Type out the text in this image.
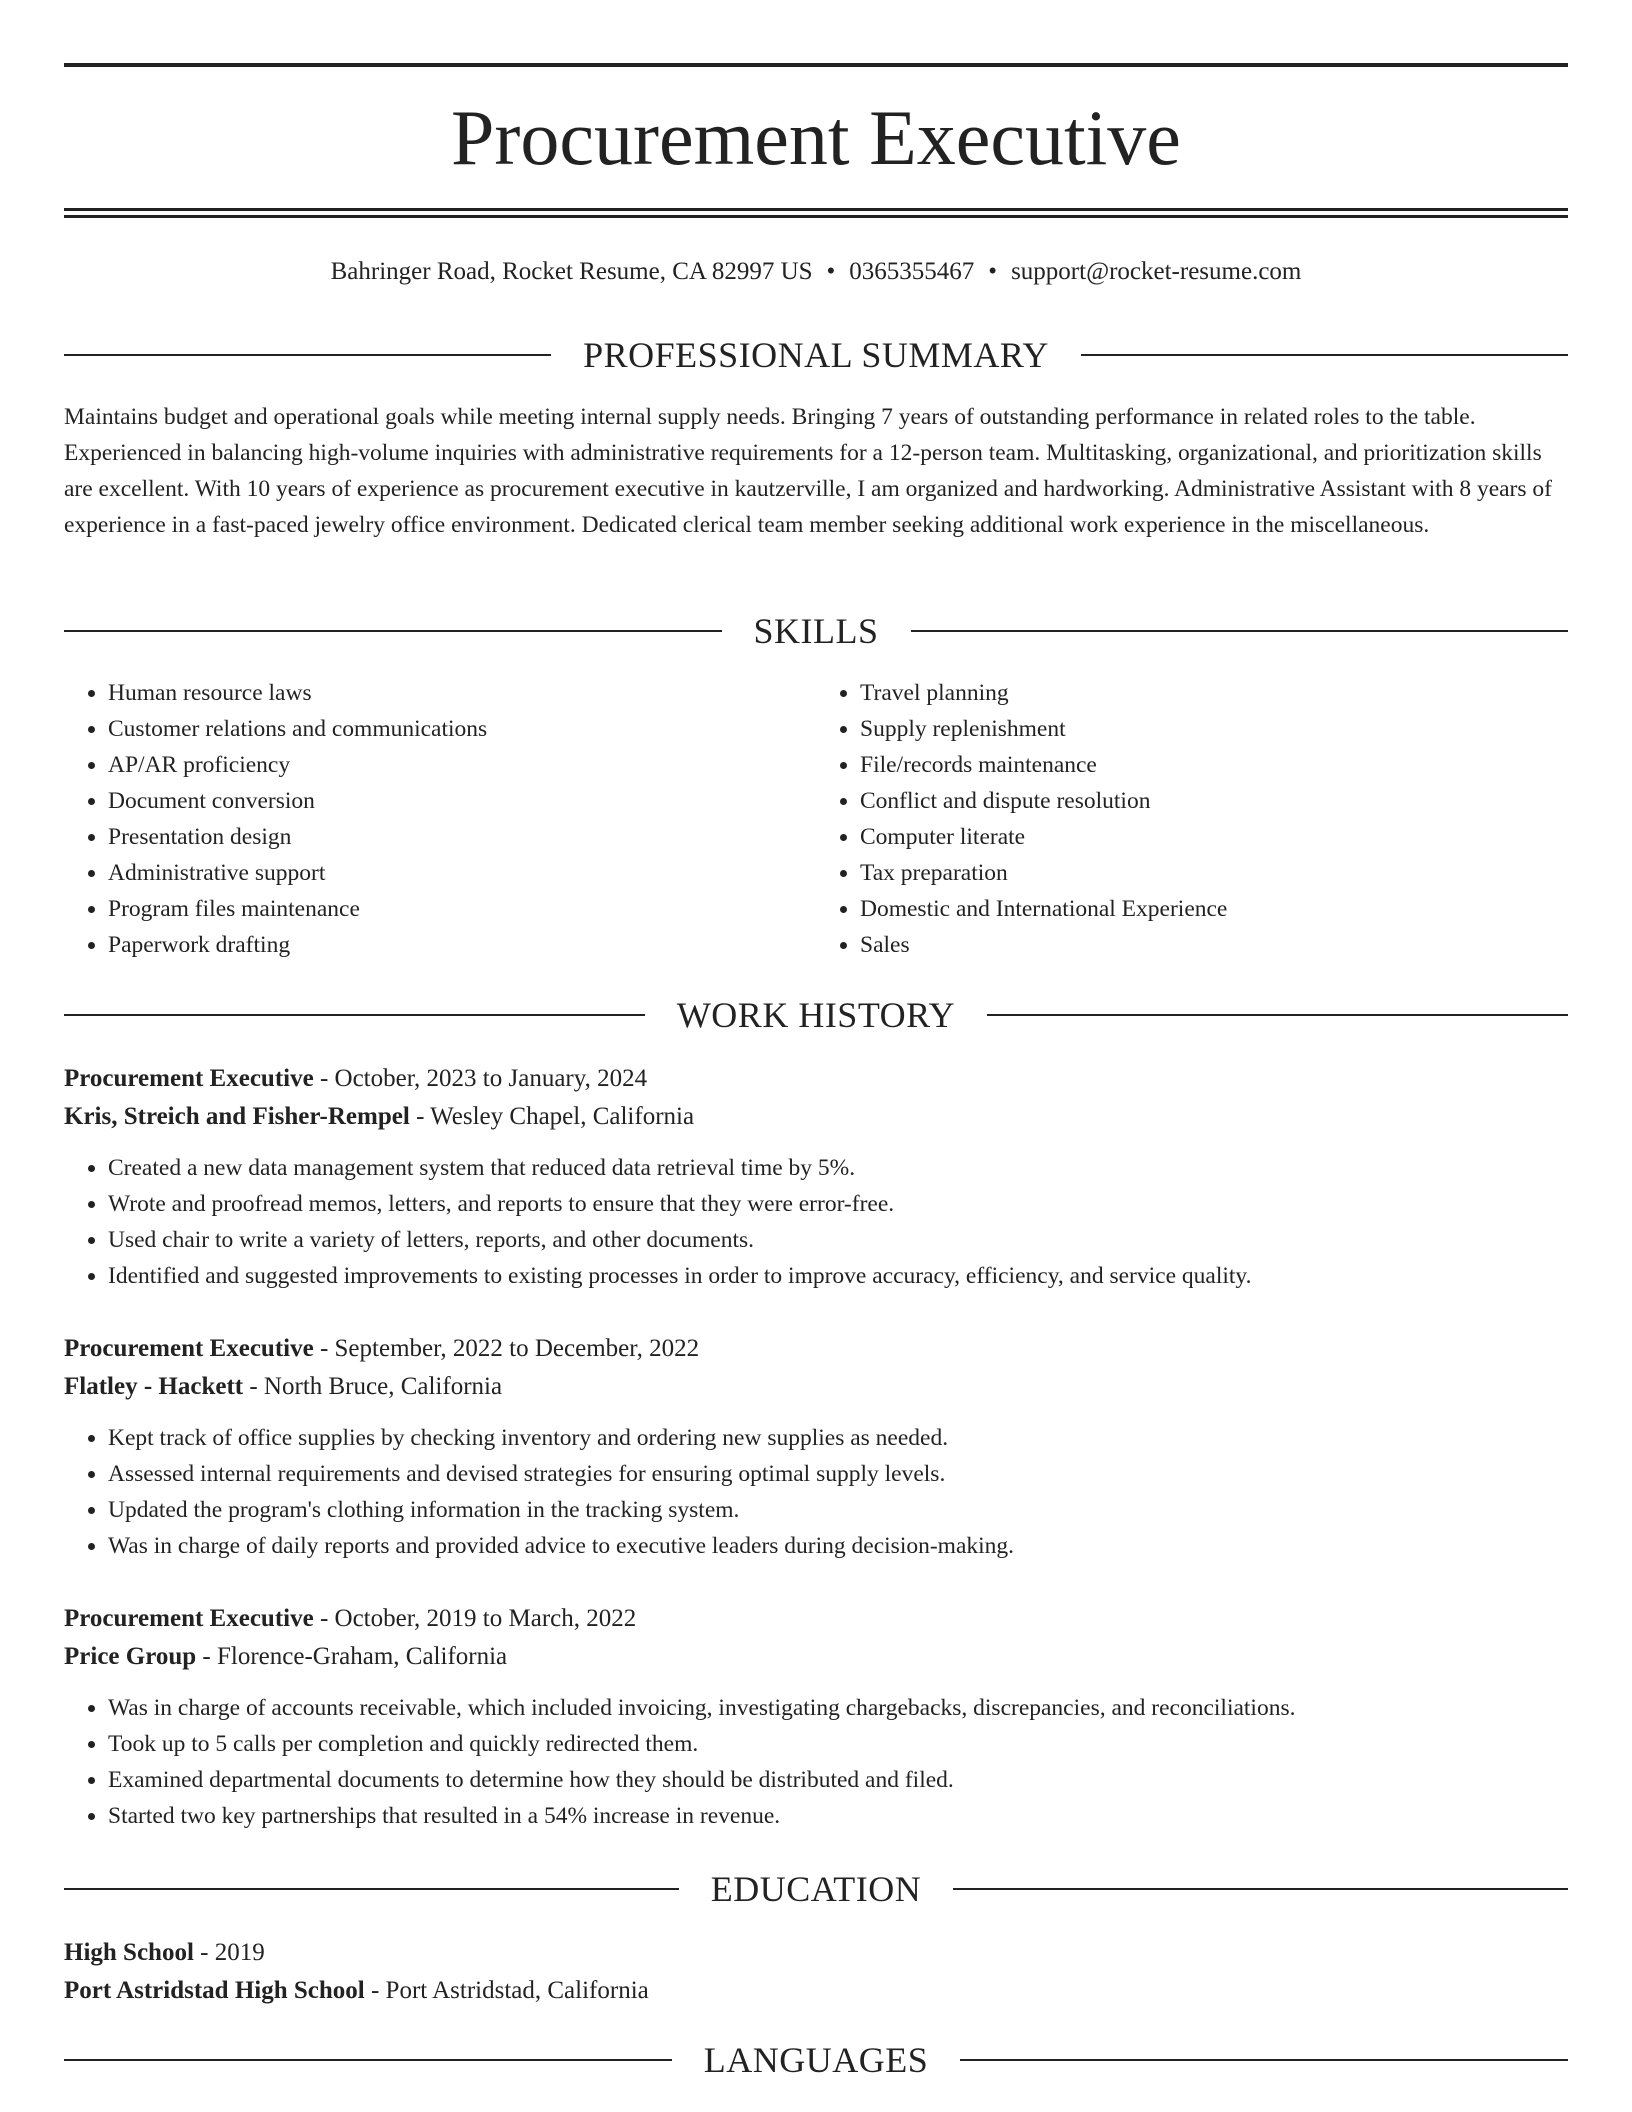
Procurement Executive
Bahringer Road, Rocket Resume, CA 82997 US • 0365355467 • support@rocket-resume.com
PROFESSIONAL SUMMARY

Maintains budget and operational goals while meeting internal supply needs. Bringing 7 years of outstanding performance in related roles to the table. Experienced in balancing high-volume inquiries with administrative requirements for a 12-person team. Multitasking, organizational, and prioritization skills are excellent. With 10 years of experience as procurement executive in kautzerville, I am organized and hardworking. Administrative Assistant with 8 years of experience in a fast-paced jewelry office environment. Dedicated clerical team member seeking additional work experience in the miscellaneous.

SKILLS
• Human resource laws
• Customer relations and communications
• AP/AR proficiency
• Document conversion
• Presentation design
• Administrative support
• Program files maintenance
• Paperwork drafting
• Travel planning
• Supply replenishment
• File/records maintenance
• Conflict and dispute resolution
• Computer literate
• Tax preparation
• Domestic and International Experience
• Sales
WORK HISTORY
Procurement Executive - October, 2023 to January, 2024
Kris, Streich and Fisher-Rempel - Wesley Chapel, California
• Created a new data management system that reduced data retrieval time by 5%.
• Wrote and proofread memos, letters, and reports to ensure that they were error-free.
• Used chair to write a variety of letters, reports, and other documents.
• Identified and suggested improvements to existing processes in order to improve accuracy, efficiency, and service quality.
Procurement Executive - September, 2022 to December, 2022
Flatley - Hackett - North Bruce, California
• Kept track of office supplies by checking inventory and ordering new supplies as needed.
• Assessed internal requirements and devised strategies for ensuring optimal supply levels.
• Updated the program's clothing information in the tracking system.
• Was in charge of daily reports and provided advice to executive leaders during decision-making.
Procurement Executive - October, 2019 to March, 2022
Price Group - Florence-Graham, California
• Was in charge of accounts receivable, which included invoicing, investigating chargebacks, discrepancies, and reconciliations.
• Took up to 5 calls per completion and quickly redirected them.
• Examined departmental documents to determine how they should be distributed and filed.
• Started two key partnerships that resulted in a 54% increase in revenue.
EDUCATION
High School - 2019
Port Astridstad High School - Port Astridstad, California
LANGUAGES
